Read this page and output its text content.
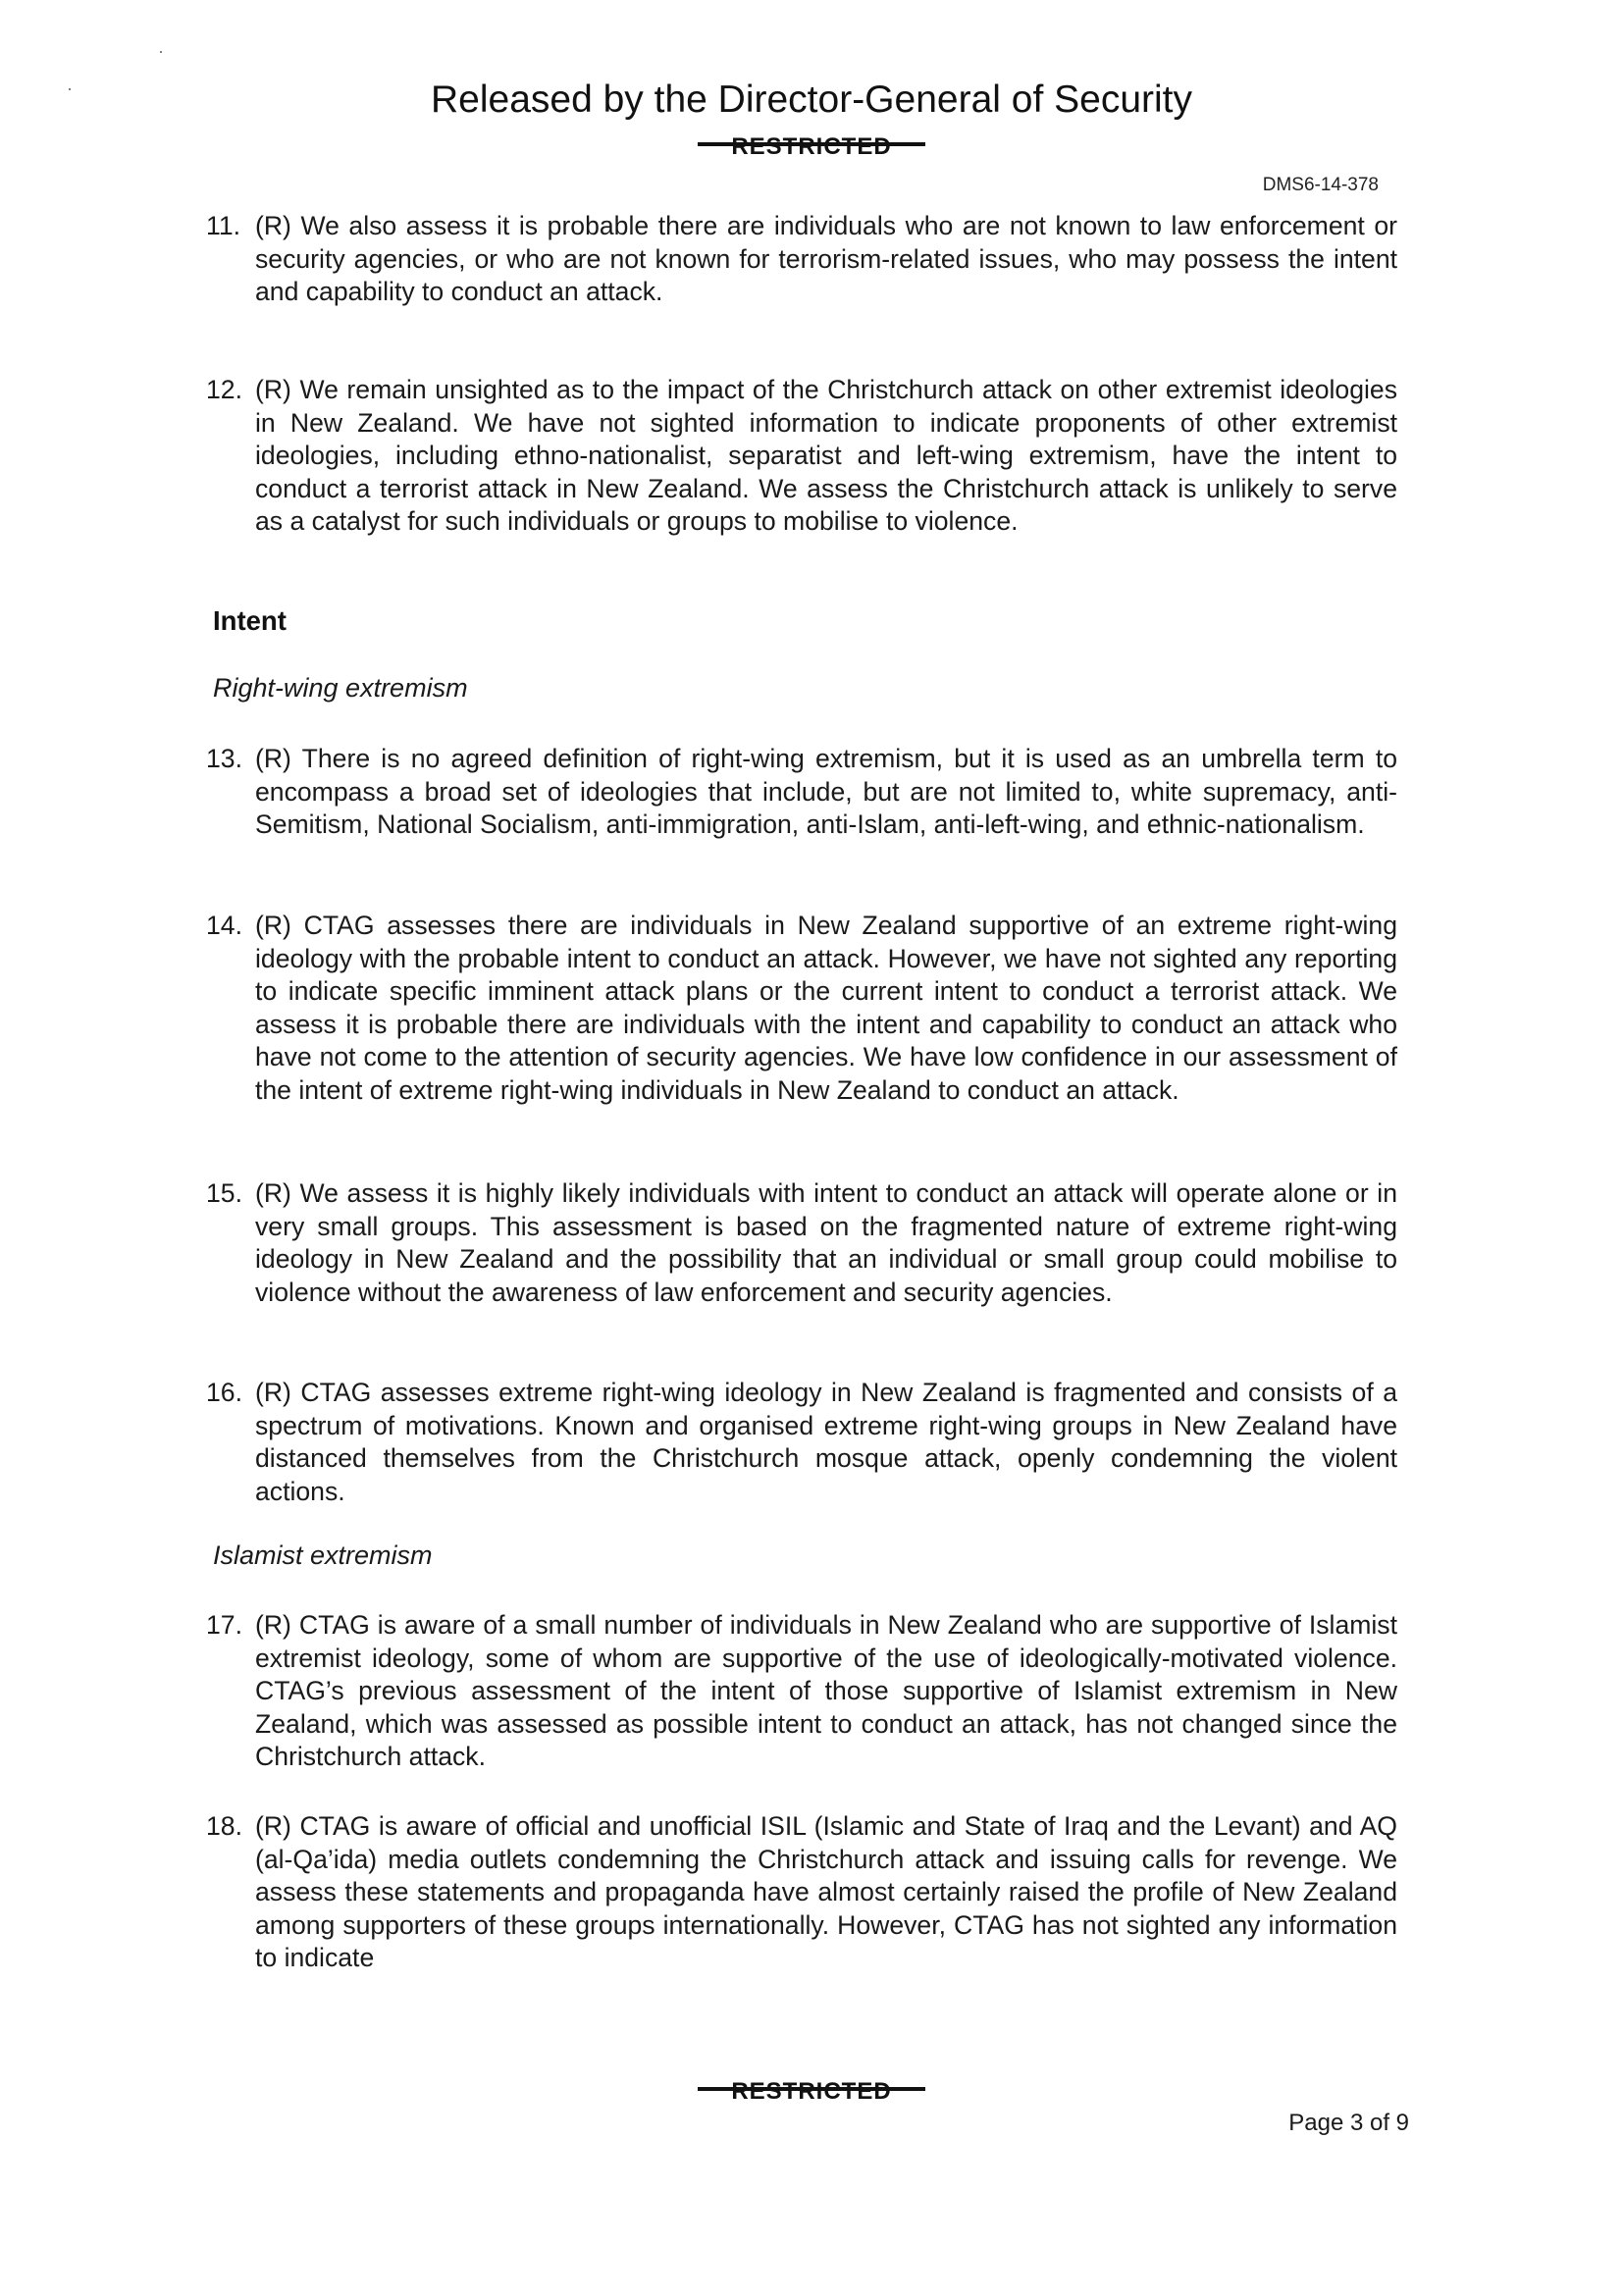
Released by the Director-General of Security
RESTRICTED
DMS6-14-378
11. (R) We also assess it is probable there are individuals who are not known to law enforcement or security agencies, or who are not known for terrorism-related issues, who may possess the intent and capability to conduct an attack.
12. (R) We remain unsighted as to the impact of the Christchurch attack on other extremist ideologies in New Zealand. We have not sighted information to indicate proponents of other extremist ideologies, including ethno-nationalist, separatist and left-wing extremism, have the intent to conduct a terrorist attack in New Zealand. We assess the Christchurch attack is unlikely to serve as a catalyst for such individuals or groups to mobilise to violence.
Intent
Right-wing extremism
13. (R) There is no agreed definition of right-wing extremism, but it is used as an umbrella term to encompass a broad set of ideologies that include, but are not limited to, white supremacy, anti-Semitism, National Socialism, anti-immigration, anti-Islam, anti-left-wing, and ethnic-nationalism.
14. (R) CTAG assesses there are individuals in New Zealand supportive of an extreme right-wing ideology with the probable intent to conduct an attack. However, we have not sighted any reporting to indicate specific imminent attack plans or the current intent to conduct a terrorist attack. We assess it is probable there are individuals with the intent and capability to conduct an attack who have not come to the attention of security agencies. We have low confidence in our assessment of the intent of extreme right-wing individuals in New Zealand to conduct an attack.
15. (R) We assess it is highly likely individuals with intent to conduct an attack will operate alone or in very small groups. This assessment is based on the fragmented nature of extreme right-wing ideology in New Zealand and the possibility that an individual or small group could mobilise to violence without the awareness of law enforcement and security agencies.
16. (R) CTAG assesses extreme right-wing ideology in New Zealand is fragmented and consists of a spectrum of motivations. Known and organised extreme right-wing groups in New Zealand have distanced themselves from the Christchurch mosque attack, openly condemning the violent actions.
Islamist extremism
17. (R) CTAG is aware of a small number of individuals in New Zealand who are supportive of Islamist extremist ideology, some of whom are supportive of the use of ideologically-motivated violence. CTAG’s previous assessment of the intent of those supportive of Islamist extremism in New Zealand, which was assessed as possible intent to conduct an attack, has not changed since the Christchurch attack.
18. (R) CTAG is aware of official and unofficial ISIL (Islamic and State of Iraq and the Levant) and AQ (al-Qa’ida) media outlets condemning the Christchurch attack and issuing calls for revenge. We assess these statements and propaganda have almost certainly raised the profile of New Zealand among supporters of these groups internationally. However, CTAG has not sighted any information to indicate
RESTRICTED
Page 3 of 9
